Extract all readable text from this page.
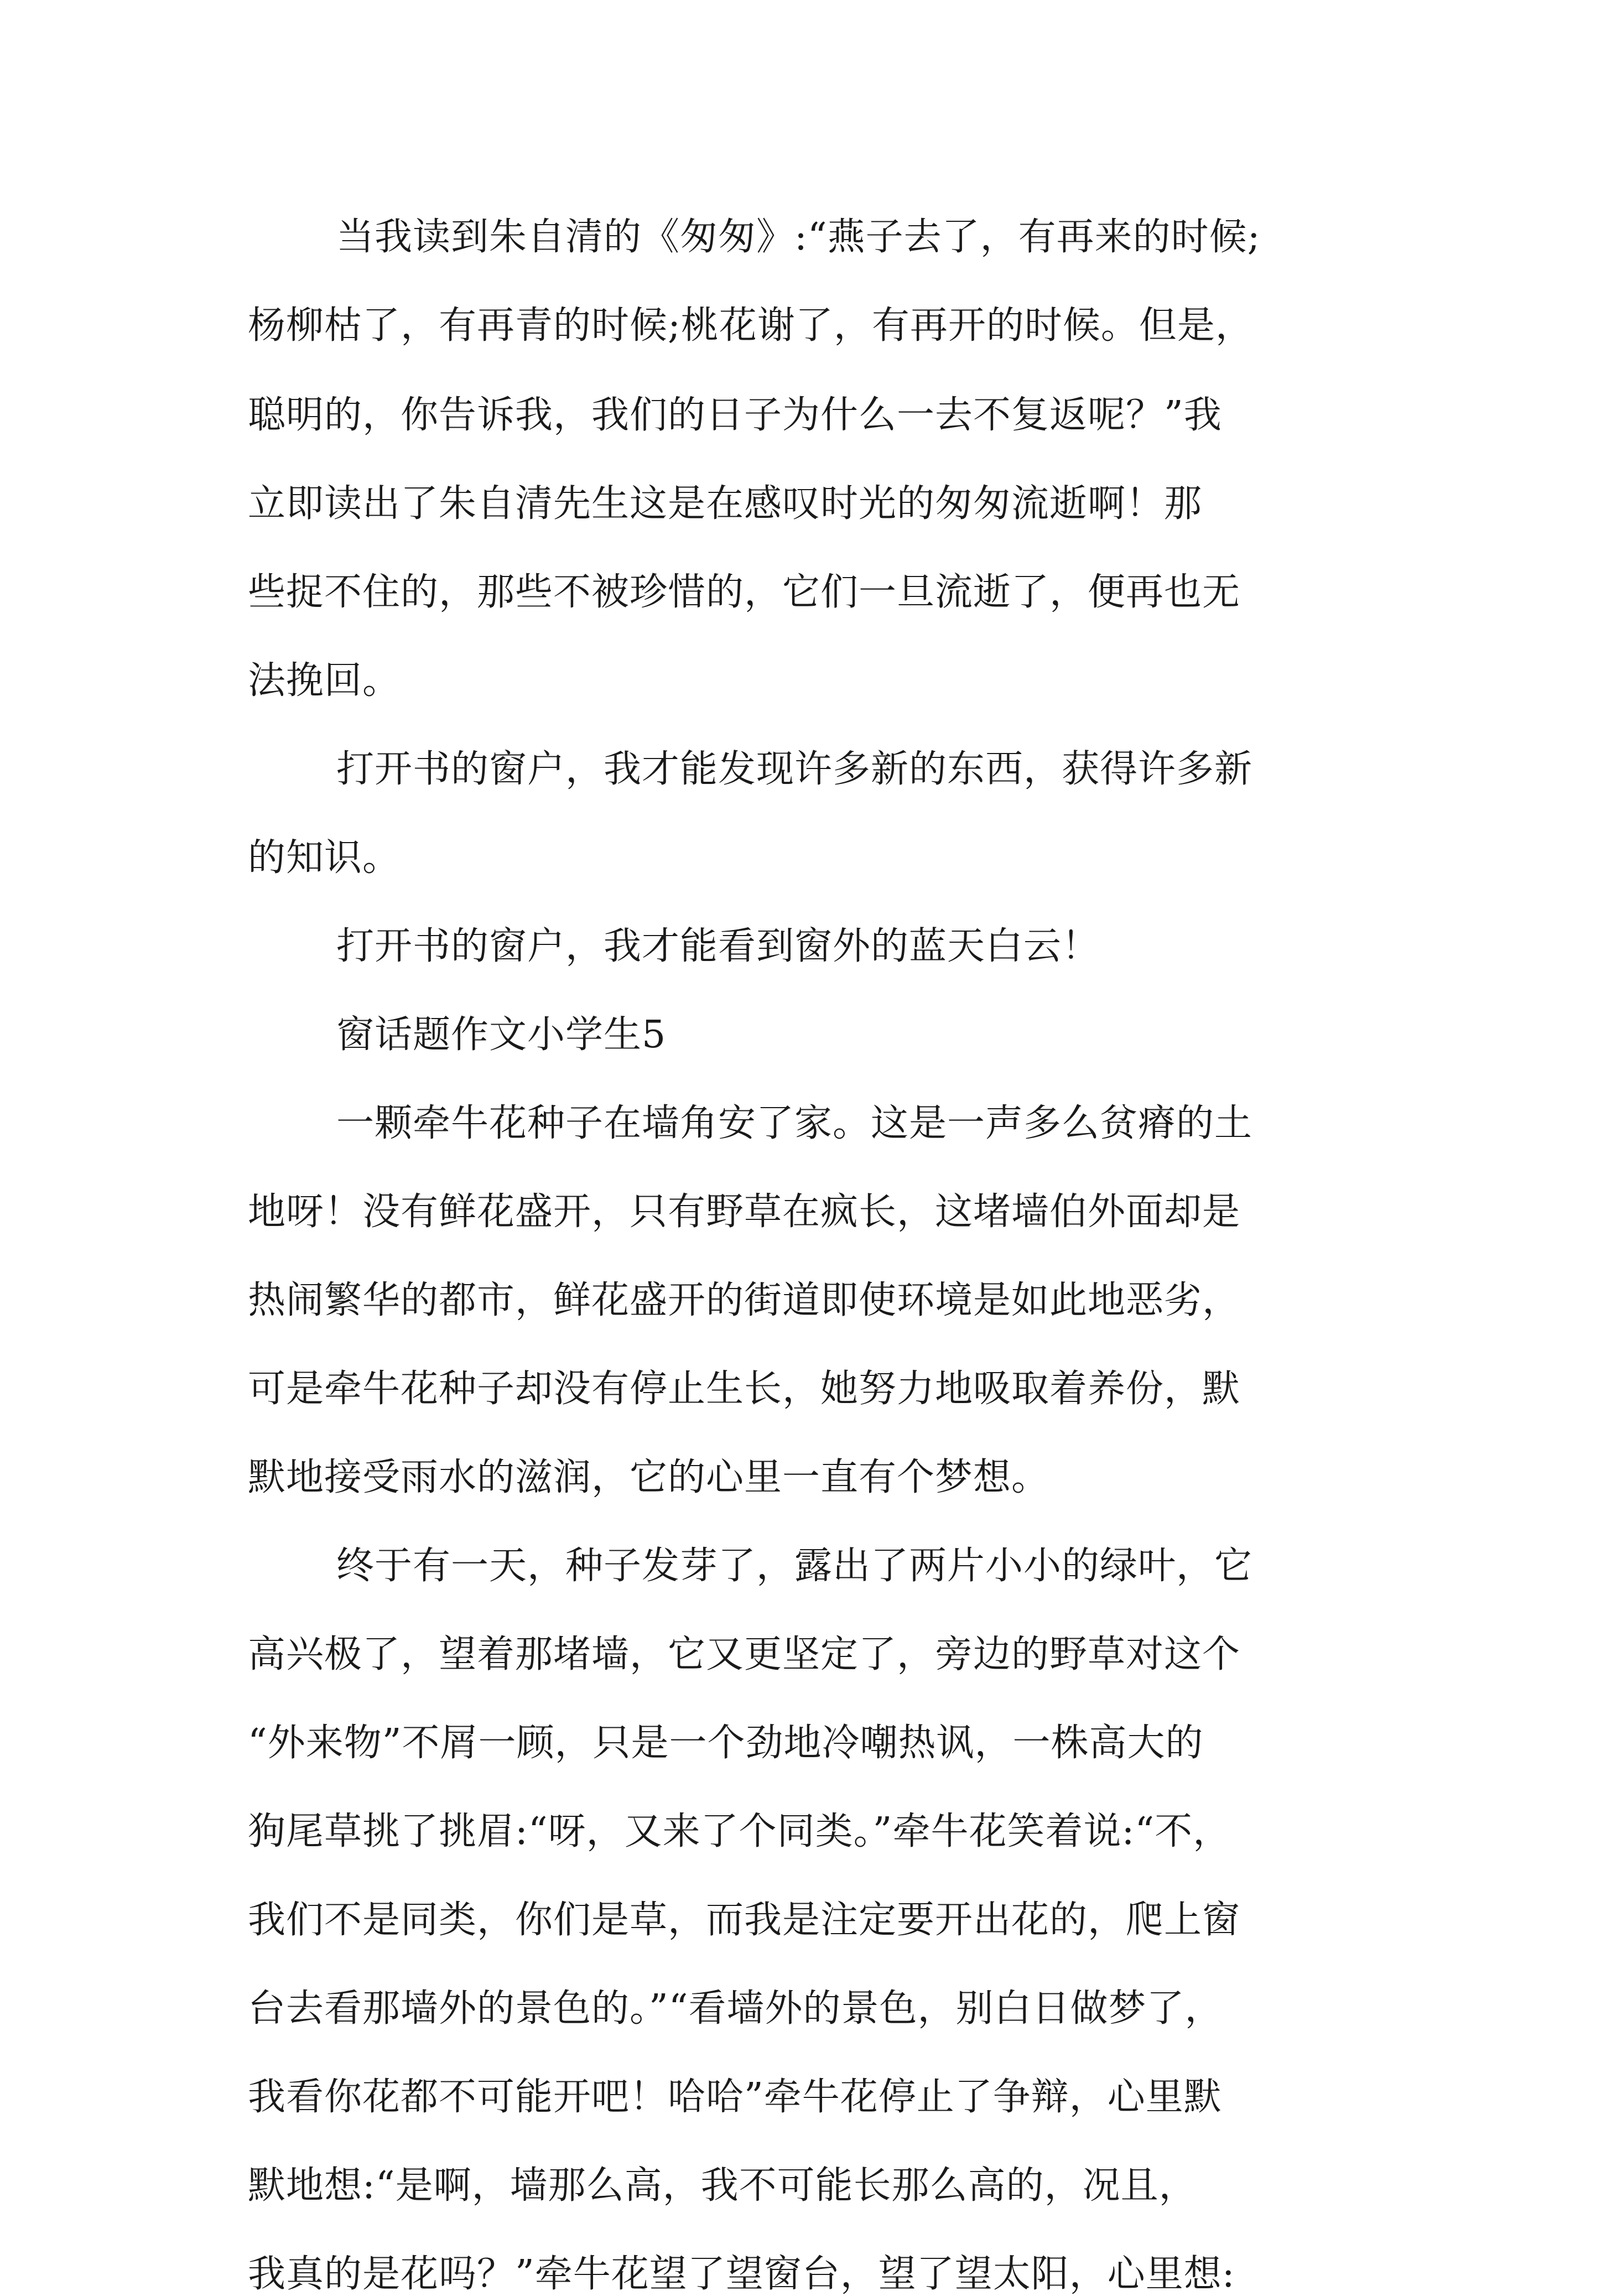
当我读到朱自清的《匆匆》:“燕子去了，有再来的时候;
杨柳枯了，有再青的时候;桃花谢了，有再开的时候。但是，
聪明的，你告诉我，我们的日子为什么一去不复返呢？”我
立即读出了朱自清先生这是在感叹时光的匆匆流逝啊！那
些捉不住的，那些不被珍惜的，它们一旦流逝了，便再也无
法挽回。
打开书的窗户，我才能发现许多新的东西，获得许多新
的知识。
打开书的窗户，我才能看到窗外的蓝天白云！
窗话题作文小学生5
一颗牵牛花种子在墙角安了家。这是一声多么贫瘠的土
地呀！没有鲜花盛开，只有野草在疯长，这堵墙伯外面却是
热闹繁华的都市，鲜花盛开的街道即使环境是如此地恶劣，
可是牵牛花种子却没有停止生长，她努力地吸取着养份，默
默地接受雨水的滋润，它的心里一直有个梦想。
终于有一天，种子发芽了，露出了两片小小的绿叶，它
高兴极了，望着那堵墙，它又更坚定了，旁边的野草对这个
“外来物”不屑一顾，只是一个劲地冷嘲热讽，一株高大的
狗尾草挑了挑眉:“呀，又来了个同类。”牵牛花笑着说:“不，
我们不是同类，你们是草，而我是注定要开出花的，爬上窗
台去看那墙外的景色的。”“看墙外的景色，别白日做梦了，
我看你花都不可能开吧！哈哈”牵牛花停止了争辩，心里默
默地想:“是啊，墙那么高，我不可能长那么高的，况且，
我真的是花吗？”牵牛花望了望窗台，望了望太阳，心里想:
